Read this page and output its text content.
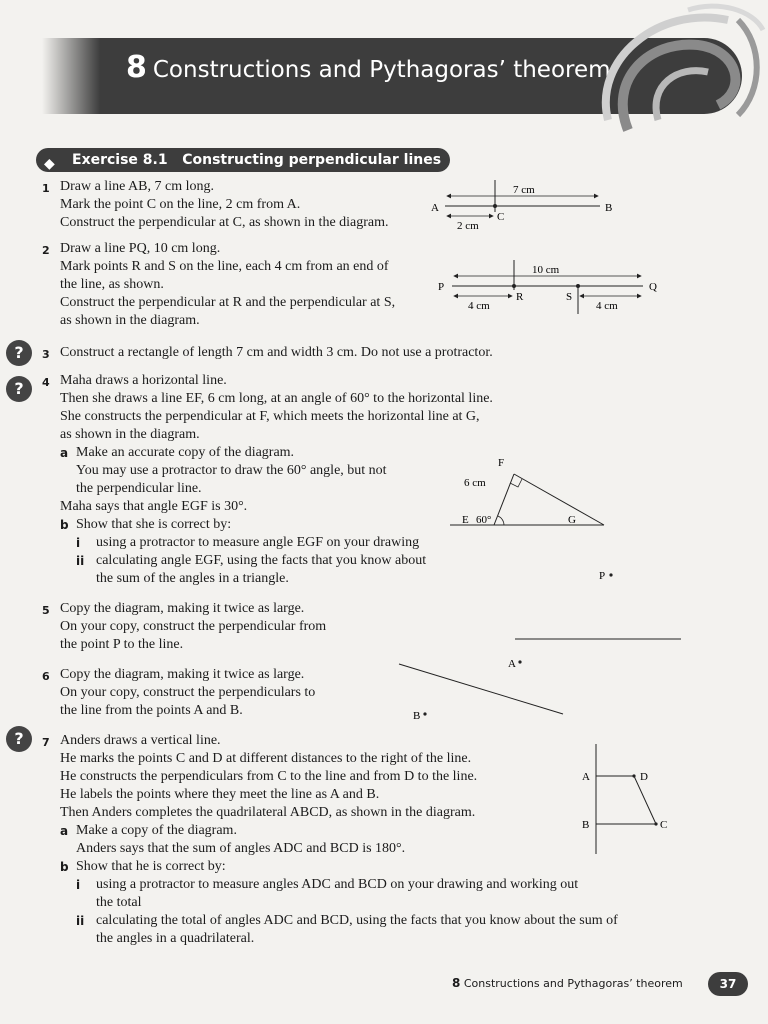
8 Constructions and Pythagoras’ theorem
◆ Exercise 8.1 Constructing perpendicular lines
1 Draw a line AB, 7 cm long.
Mark the point C on the line, 2 cm from A.
Construct the perpendicular at C, as shown in the diagram.
A	B
C
7 cm
2 cm
2 Draw a line PQ, 10 cm long.
Mark points R and S on the line, each 4 cm from an end of
the line, as shown.
Construct the perpendicular at R and the perpendicular at S,
as shown in the diagram.
P	Q
R	S
10 cm
4 cm	4 cm
?	3 Construct a rectangle of length 7 cm and width 3 cm. Do not use a protractor.
?	4 Maha draws a horizontal line.
Then she draws a line EF, 6 cm long, at an angle of 60° to the horizontal line.
She constructs the perpendicular at F, which meets the horizontal line at G,
as shown in the diagram.
a Make an accurate copy of the diagram.
You may use a protractor to draw the 60° angle, but not
the perpendicular line.
Maha says that angle EGF is 30°.
b Show that she is correct by:
i using a protractor to measure angle EGF on your drawing
ii calculating angle EGF, using the facts that you know about
the sum of the angles in a triangle.
E
F
G
60°
6 cm
5 Copy the diagram, making it twice as large.
On your copy, construct the perpendicular from
the point P to the line.
P
6 Copy the diagram, making it twice as large.
On your copy, construct the perpendiculars to
the line from the points A and B.
A
B
?	7 Anders draws a vertical line.
He marks the points C and D at different distances to the right of the line.
He constructs the perpendiculars from C to the line and from D to the line.
He labels the points where they meet the line as A and B.
Then Anders completes the quadrilateral ABCD, as shown in the diagram.
a Make a copy of the diagram.
Anders says that the sum of angles ADC and BCD is 180°.
b Show that he is correct by:
i using a protractor to measure angles ADC and BCD on your drawing and working out
the total
ii calculating the total of angles ADC and BCD, using the facts that you know about the sum of
the angles in a quadrilateral.
A
B
D
C
8 Constructions and Pythagoras’ theorem	37
